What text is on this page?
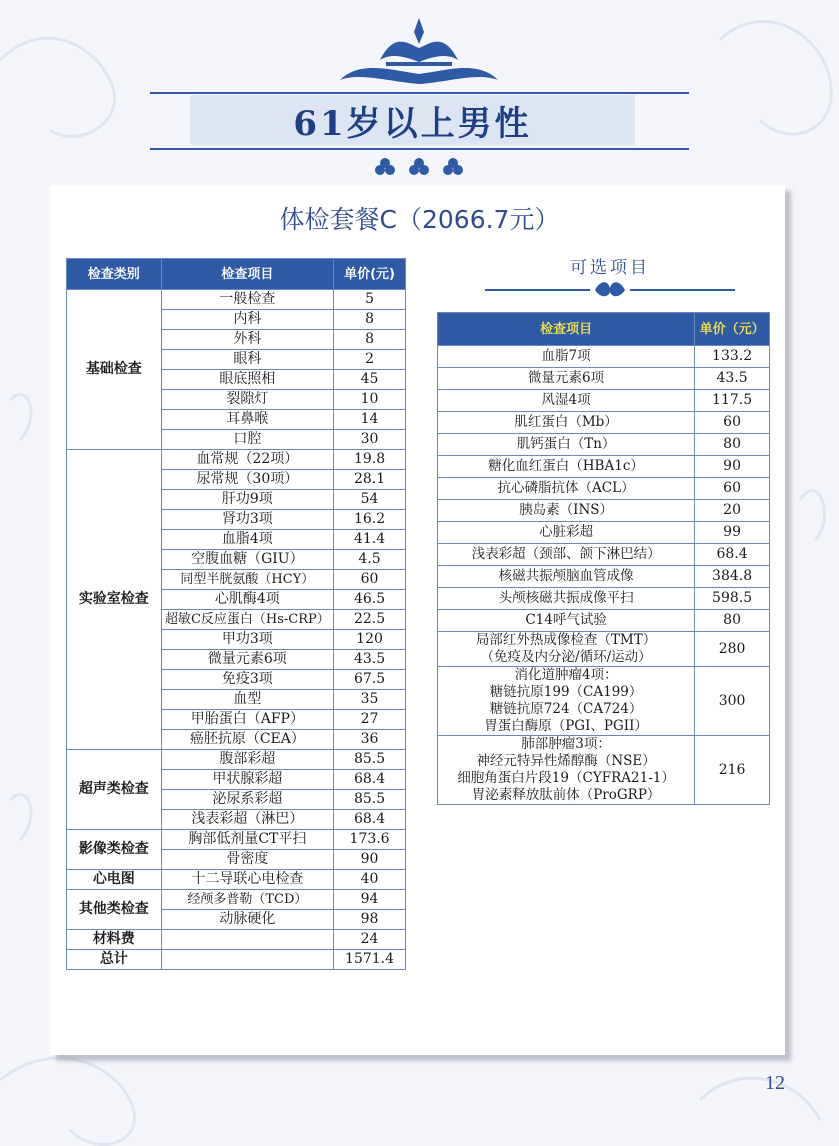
61岁以上男性
体检套餐C（2066.7元）
检查类别	检查项目	单价(元)
基础检查	一般检查	5
	内科	8
	外科	8
	眼科	2
	眼底照相	45
	裂隙灯	10
	耳鼻喉	14
	口腔	30
实验室检查	血常规（22项）	19.8
	尿常规（30项）	28.1
	肝功9项	54
	肾功3项	16.2
	血脂4项	41.4
	空腹血糖（GIU）	4.5
	同型半胱氨酸（HCY）	60
	心肌酶4项	46.5
	超敏C反应蛋白（Hs-CRP）	22.5
	甲功3项	120
	微量元素6项	43.5
	免疫3项	67.5
	血型	35
	甲胎蛋白（AFP）	27
	癌胚抗原（CEA）	36
超声类检查	腹部彩超	85.5
	甲状腺彩超	68.4
	泌尿系彩超	85.5
	浅表彩超（淋巴）	68.4
影像类检查	胸部低剂量CT平扫	173.6
	骨密度	90
心电图	十二导联心电检查	40
其他类检查	经颅多普勒（TCD）	94
	动脉硬化	98
材料费		24
总计		1571.4
可选项目
检查项目	单价（元）
血脂7项	133.2
微量元素6项	43.5
风湿4项	117.5
肌红蛋白（Mb）	60
肌钙蛋白（Tn）	80
糖化血红蛋白（HBA1c）	90
抗心磷脂抗体（ACL）	60
胰岛素（INS）	20
心脏彩超	99
浅表彩超（颈部、颌下淋巴结）	68.4
核磁共振颅脑血管成像	384.8
头颅核磁共振成像平扫	598.5
C14呼气试验	80
局部红外热成像检查（TMT）
（免疫及内分泌/循环/运动）	280
消化道肿瘤4项：
糖链抗原199（CA199）
糖链抗原724（CA724）
胃蛋白酶原（PGI、PGII）	300
肺部肿瘤3项：
神经元特异性烯醇酶（NSE）
细胞角蛋白片段19（CYFRA21-1）
胃泌素释放肽前体（ProGRP）	216
12
